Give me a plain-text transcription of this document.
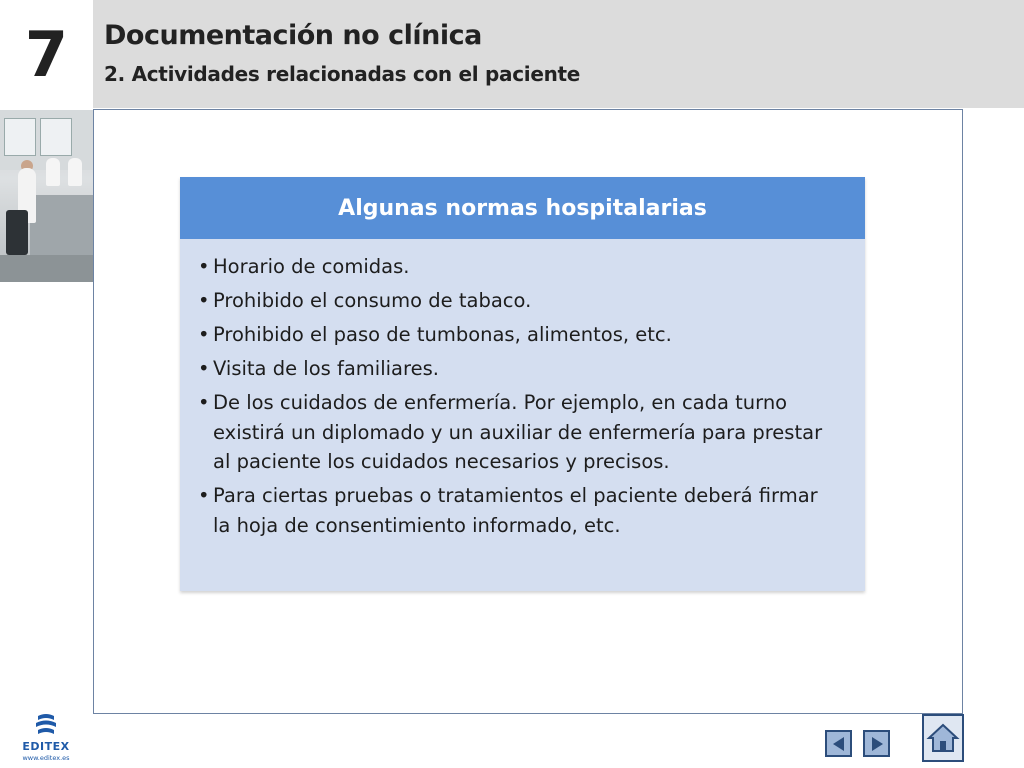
7	Documentación no clínica
2. Actividades relacionadas con el paciente
Algunas normas hospitalarias
• Horario de comidas.
• Prohibido el consumo de tabaco.
• Prohibido el paso de tumbonas, alimentos, etc.
• Visita de los familiares.
• De los cuidados de enfermería. Por ejemplo, en cada turno existirá un diplomado y un auxiliar de enfermería para prestar al paciente los cuidados necesarios y precisos.
• Para ciertas pruebas o tratamientos el paciente deberá firmar la hoja de consentimiento informado, etc.
EDITEX
www.editex.es
